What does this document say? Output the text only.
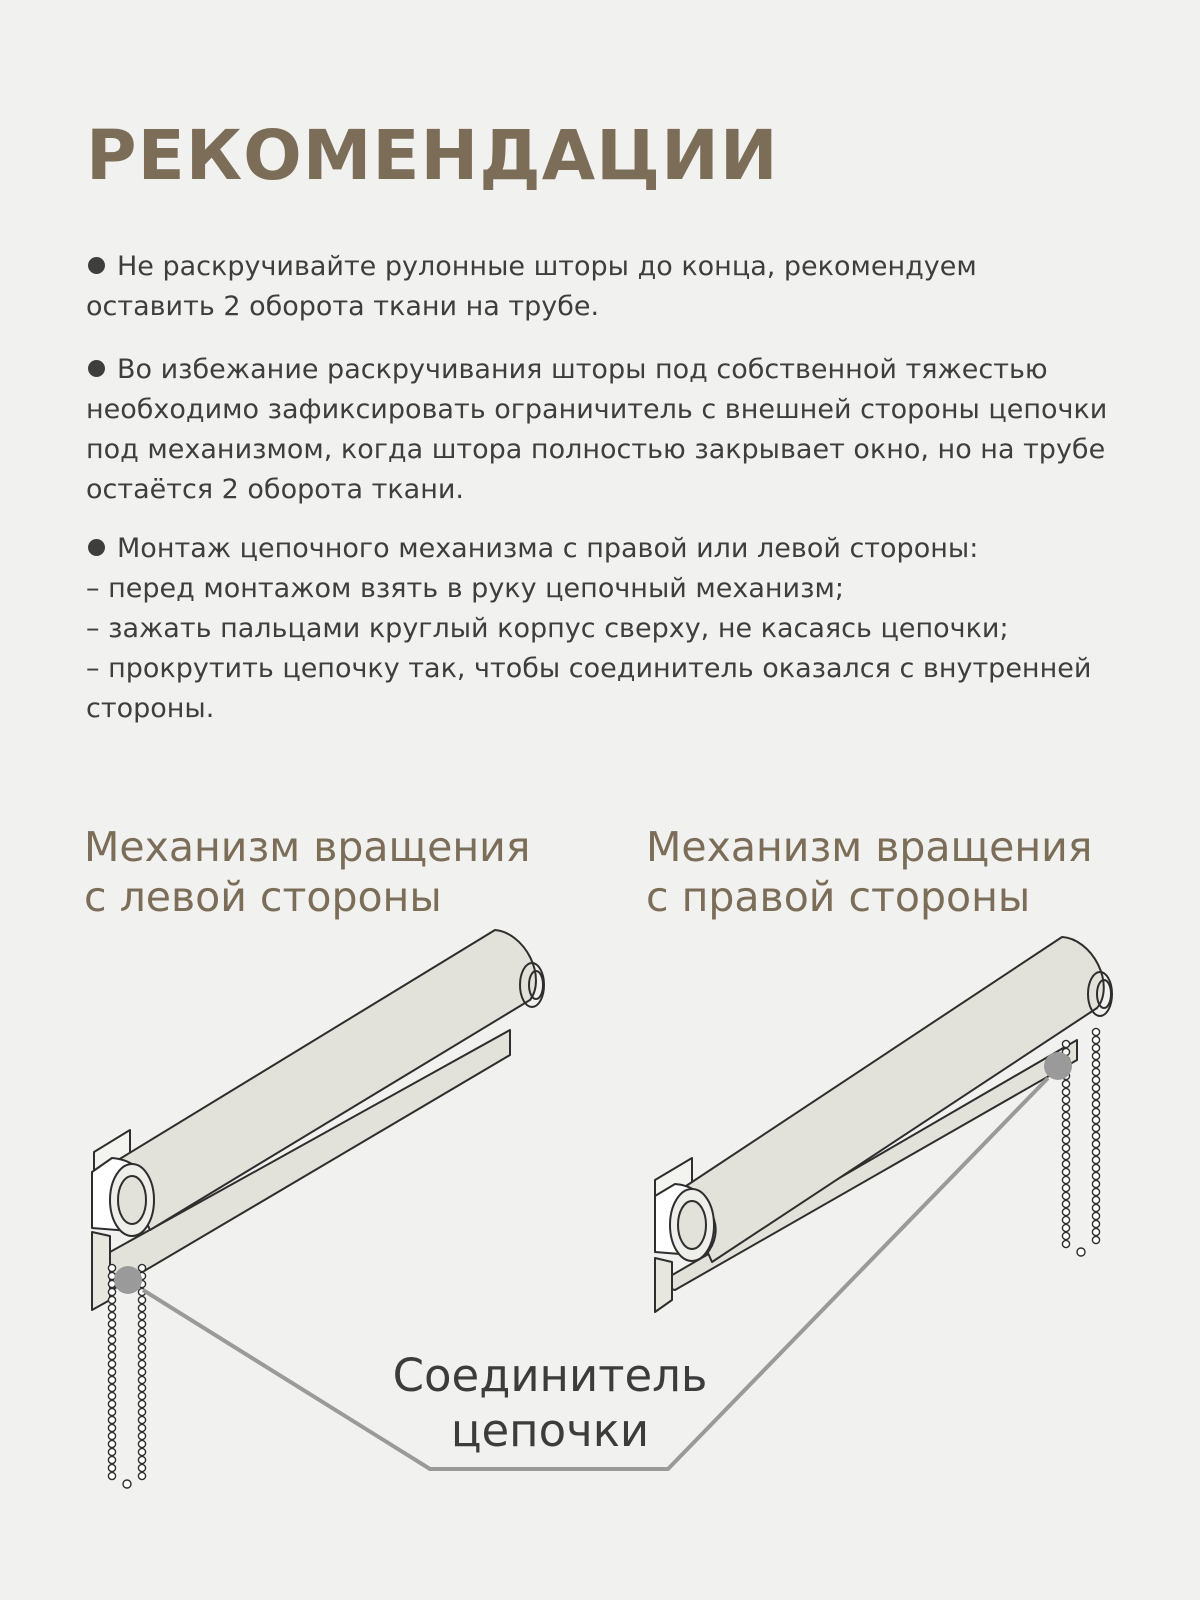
РЕКОМЕНДАЦИИ
Не раскручивайте рулонные шторы до конца, рекомендуем
оставить 2 оборота ткани на трубе.
Во избежание раскручивания шторы под собственной тяжестью
необходимо зафиксировать ограничитель с внешней стороны цепочки
под механизмом, когда штора полностью закрывает окно, но на трубе
остаётся 2 оборота ткани.
Монтаж цепочного механизма с правой или левой стороны:
– перед монтажом взять в руку цепочный механизм;
– зажать пальцами круглый корпус сверху, не касаясь цепочки;
– прокрутить цепочку так, чтобы соединитель оказался с внутренней
стороны.
Механизм вращения
с левой стороны
Механизм вращения
с правой стороны
Соединитель
цепочки
